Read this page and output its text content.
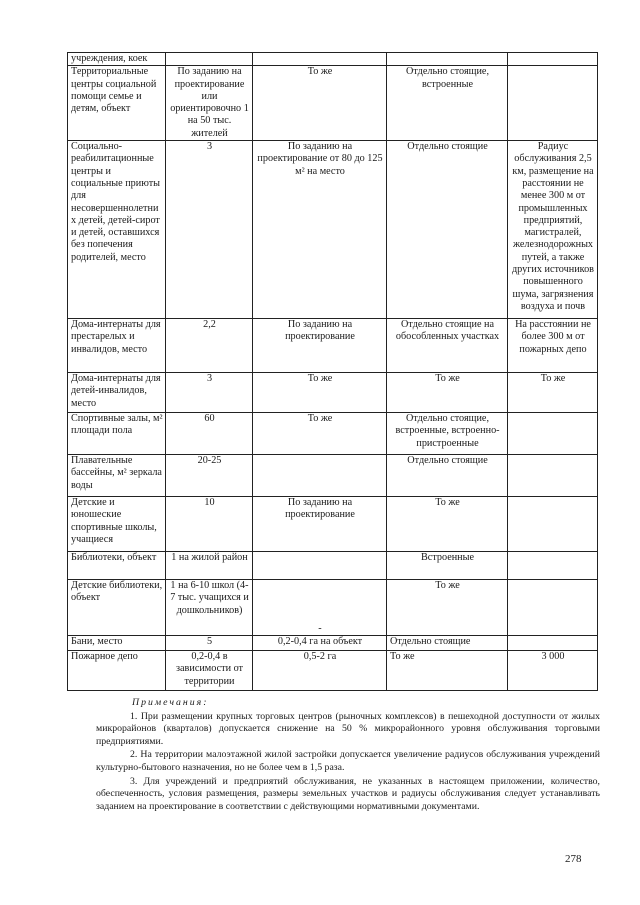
учреждения, коек				
Территориальные центры социальной помощи семье и детям, объект	По заданию на проектирование или ориентировочно 1 на 50 тыс. жителей	То же	Отдельно стоящие, встроенные	
Социально-реабилитационные центры и социальные приюты для несовершеннолетних детей, детей-сирот и детей, оставшихся без попечения родителей, место	3	По заданию на проектирование от 80 до 125 м² на место	Отдельно стоящие	Радиус обслуживания 2,5 км, размещение на расстоянии не менее 300 м от промышленных предприятий, магистралей, железнодорожных путей, а также других источников повышенного шума, загрязнения воздуха и почв
Дома-интернаты для престарелых и инвалидов, место	2,2	По заданию на проектирование	Отдельно стоящие на обособленных участках	На расстоянии не более 300 м от пожарных депо
Дома-интернаты для детей-инвалидов, место	3	То же	То же	То же
Спортивные залы, м² площади пола	60	То же	Отдельно стоящие, встроенные, встроенно-пристроенные	
Плавательные бассейны, м² зеркала воды	20-25		Отдельно стоящие	
Детские и юношеские спортивные школы, учащиеся	10	По заданию на проектирование	То же	
Библиотеки, объект	1 на жилой район		Встроенные	
Детские библиотеки, объект	1 на 6-10 школ (4-7 тыс. учащихся и дошкольников)	-	То же	
Бани, место	5	0,2-0,4 га на объект	Отдельно стоящие	
Пожарное депо	0,2-0,4 в зависимости от территории	0,5-2 га	То же	3 000
Примечания:

1. При размещении крупных торговых центров (рыночных комплексов) в пешеходной доступности от жилых микрорайонов (кварталов) допускается снижение на 50 % микрорайонного уровня обслуживания торговыми предприятиями.

2. На территории малоэтажной жилой застройки допускается увеличение радиусов обслуживания учреждений культурно-бытового назначения, но не более чем в 1,5 раза.

3. Для учреждений и предприятий обслуживания, не указанных в настоящем приложении, количество, обеспеченность, условия размещения, размеры земельных участков и радиусы обслуживания следует устанавливать заданием на проектирование в соответствии с действующими нормативными документами.

278
